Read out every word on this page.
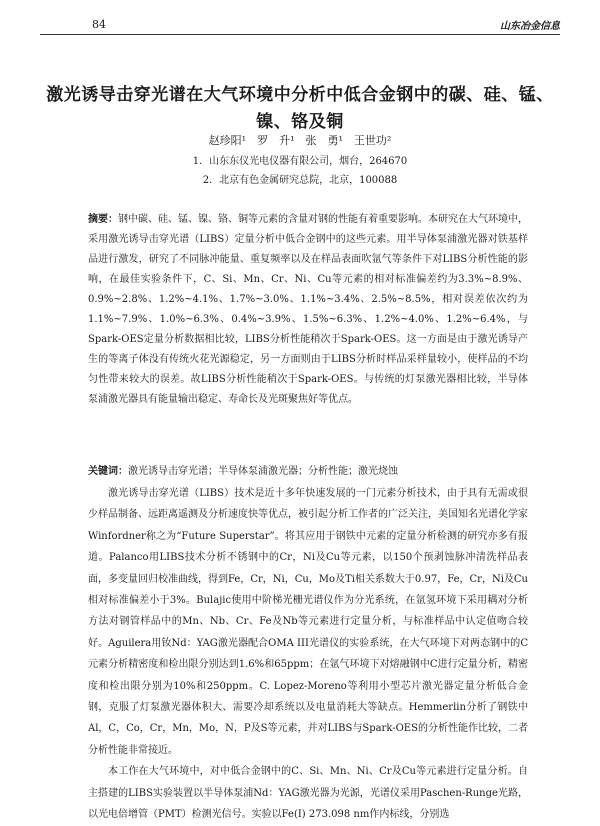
84	山东冶金信息
激光诱导击穿光谱在大气环境中分析中低合金钢中的碳、硅、锰、镍、铬及铜
赵珍阳¹　罗　升¹　张　勇¹　王世功²
1．山东东仪光电仪器有限公司，烟台，264670
2．北京有色金属研究总院，北京，100088
摘要：钢中碳、硅、锰、镍、铬、铜等元素的含量对钢的性能有着重要影响。本研究在大气环境中，采用激光诱导击穿光谱（LIBS）定量分析中低合金钢中的这些元素。用半导体泵浦激光器对铁基样品进行激发，研究了不同脉冲能量、重复频率以及在样品表面吹氩气等条件下对LIBS分析性能的影响，在最佳实验条件下，C、Si、Mn、Cr、Ni、Cu等元素的相对标准偏差约为3.3%~8.9%、0.9%~2.8%、1.2%~4.1%、1.7%~3.0%、1.1%~3.4%、2.5%~8.5%，相对误差依次约为1.1%~7.9%、1.0%~6.3%、0.4%~3.9%、1.5%~6.3%、1.2%~4.0%、1.2%~6.4%，与Spark-OES定量分析数据相比较，LIBS分析性能稍次于Spark-OES。这一方面是由于激光诱导产生的等离子体没有传统火花光源稳定，另一方面则由于LIBS分析时样品采样量较小，使样品的不均匀性带来较大的误差。故LIBS分析性能稍次于Spark-OES。与传统的灯泵激光器相比较，半导体泵浦激光器具有能量输出稳定、寿命长及光斑聚焦好等优点。
关键词：激光诱导击穿光谱；半导体泵浦激光器；分析性能；激光烧蚀

激光诱导击穿光谱（LIBS）技术是近十多年快速发展的一门元素分析技术，由于具有无需或很少样品制备、远距离遥测及分析速度快等优点，被引起分析工作者的广泛关注，美国知名光谱化学家Winfordner称之为“Future Superstar”。将其应用于钢铁中元素的定量分析检测的研究亦多有报道。Palanco用LIBS技术分析不锈钢中的Cr，Ni及Cu等元素，以150个预剥蚀脉冲清洗样品表面，多变量回归校准曲线，得到Fe，Cr，Ni，Cu，Mo及Ti相关系数大于0.97，Fe，Cr，Ni及Cu相对标准偏差小于3%。Bulajic使用中阶梯光栅光谱仪作为分光系统，在氩氢环境下采用耦对分析方法对钢管样品中的Mn、Nb、Cr、Fe及Nb等元素进行定量分析，与标准样品中认定值吻合较好。Aguilera用钕Nd：YAG激光器配合OMA III光谱仪的实验系统，在大气环境下对两态钢中的C元素分析精密度和检出限分别达到1.6%和65ppm；在氩气环境下对熔融钢中C进行定量分析，精密度和检出限分别为10%和250ppm。C. Lopez-Moreno等利用小型芯片激光器定量分析低合金钢，克服了灯泵激光器体积大、需要冷却系统以及电量消耗大等缺点。Hemmerlin分析了钢铁中Al，C，Co，Cr，Mn，Mo，N，P及S等元素，并对LIBS与Spark-OES的分析性能作比较，二者分析性能非常接近。

本工作在大气环境中，对中低合金钢中的C、Si、Mn、Ni、Cr及Cu等元素进行定量分析。自主搭建的LIBS实验装置以半导体泵浦Nd：YAG激光器为光源，光谱仪采用Paschen-Runge光路，以光电倍增管（PMT）检测光信号。实验以Fe(I) 273.098 nm作内标线，分别选
